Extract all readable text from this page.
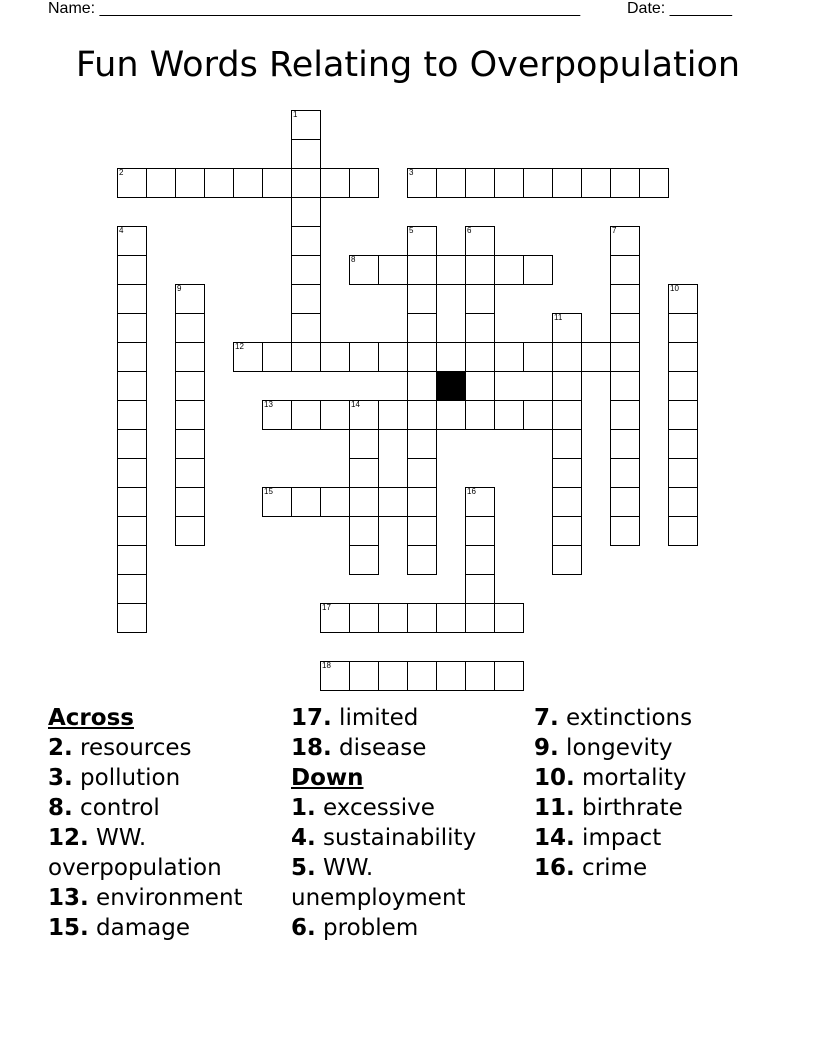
Name: ______________________________________________________	Date: _______
Fun Words Relating to Overpopulation
1
2	3
4	5	6	7
8
9	10
11
12
13	14
15	16
17
18
Across
2. resources
3. pollution
8. control
12. WW. overpopulation
13. environment
15. damage
17. limited
18. disease
Down
1. excessive
4. sustainability
5. WW. unemployment
6. problem
7. extinctions
9. longevity
10. mortality
11. birthrate
14. impact
16. crime
